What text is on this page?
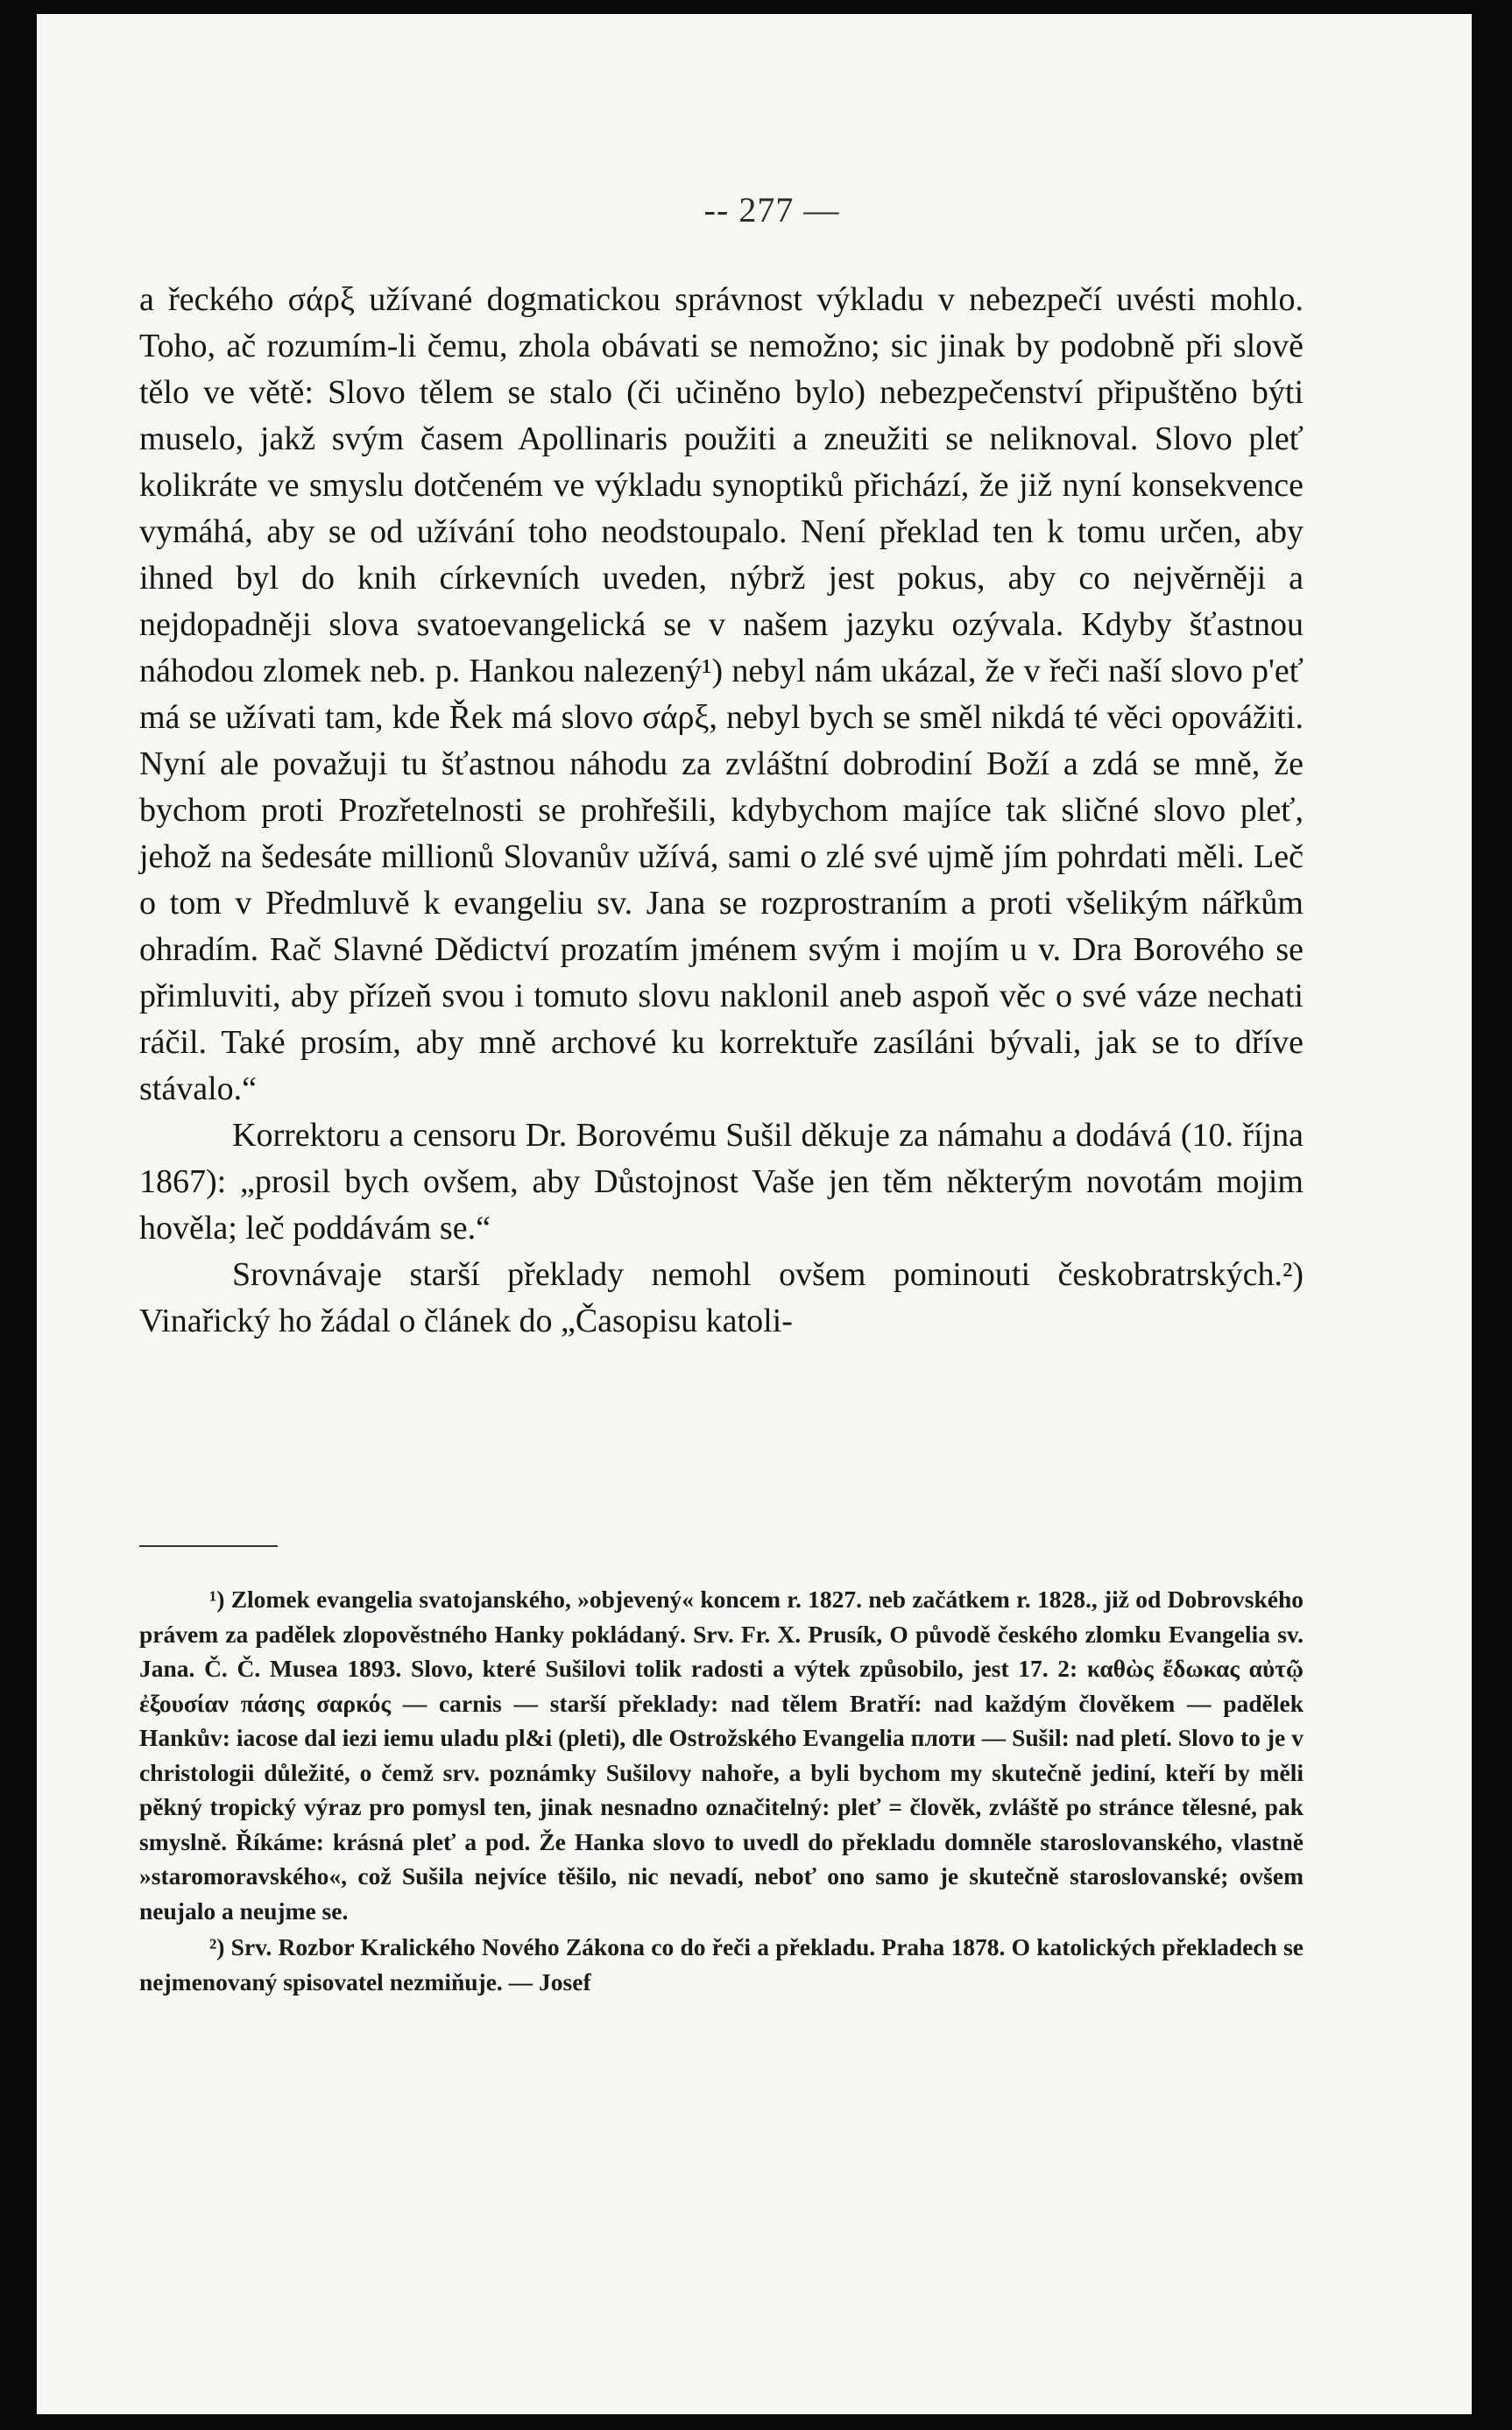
-- 277 —

a řeckého σάρξ užívané dogmatickou správnost výkladu v nebezpečí uvésti mohlo. Toho, ač rozumím-li čemu, zhola obávati se nemožno; sic jinak by podobně při slově tělo ve větě: Slovo tělem se stalo (či učiněno bylo) nebezpečenství připuštěno býti muselo, jakž svým časem Apollinaris použiti a zneužiti se neliknoval. Slovo pleť kolikráte ve smyslu dotčeném ve výkladu synoptiků přichází, že již nyní konsekvence vymáhá, aby se od užívání toho neodstoupalo. Není překlad ten k tomu určen, aby ihned byl do knih církevních uveden, nýbrž jest pokus, aby co nejvěrněji a nejdopadněji slova svatoevangelická se v našem jazyku ozývala. Kdyby šťastnou náhodou zlomek neb. p. Hankou nalezený¹) nebyl nám ukázal, že v řeči naší slovo p'eť má se užívati tam, kde Řek má slovo σάρξ, nebyl bych se směl nikdá té věci opovážiti. Nyní ale považuji tu šťastnou náhodu za zvláštní dobrodiní Boží a zdá se mně, že bychom proti Prozřetelnosti se prohřešili, kdybychom majíce tak sličné slovo pleť, jehož na šedesáte millionů Slovanův užívá, sami o zlé své ujmě jím pohrdati měli. Leč o tom v Předmluvě k evangeliu sv. Jana se rozprostraním a proti všelikým nářkům ohradím. Rač Slavné Dědictví prozatím jménem svým i mojím u v. Dra Borového se přimluviti, aby přízeň svou i tomuto slovu naklonil aneb aspoň věc o své váze nechati ráčil. Také prosím, aby mně archové ku korrektuře zasíláni bývali, jak se to dříve stávalo.“

Korrektoru a censoru Dr. Borovému Sušil děkuje za námahu a dodává (10. října 1867): „prosil bych ovšem, aby Důstojnost Vaše jen těm některým novotám mojim hověla; leč poddávám se.“

Srovnávaje starší překlady nemohl ovšem pominouti českobratrských.²) Vinařický ho žádal o článek do „Časopisu katoli-

¹) Zlomek evangelia svatojanského, »objevený« koncem r. 1827. neb začátkem r. 1828., již od Dobrovského právem za padělek zlopověstného Hanky pokládaný. Srv. Fr. X. Prusík, O původě českého zlomku Evangelia sv. Jana. Č. Č. Musea 1893. Slovo, které Sušilovi tolik radosti a výtek způsobilo, jest 17. 2: καθὼς ἔδωκας αὐτῷ ἐξουσίαν πάσης σαρκός — carnis — starší překlady: nad tělem Bratří: nad každým člověkem — padělek Hankův: iacose dal iezi iemu uladu pl&i (pleti), dle Ostrožského Evangelia плоти — Sušil: nad pletí. Slovo to je v christologii důležité, o čemž srv. poznámky Sušilovy nahoře, a byli bychom my skutečně jediní, kteří by měli pěkný tropický výraz pro pomysl ten, jinak nesnadno označitelný: pleť = člověk, zvláště po stránce tělesné, pak smyslně. Říkáme: krásná pleť a pod. Že Hanka slovo to uvedl do překladu domněle staroslovanského, vlastně »staromoravského«, což Sušila nejvíce těšilo, nic nevadí, neboť ono samo je skutečně staroslovanské; ovšem neujalo a neujme se.

²) Srv. Rozbor Kralického Nového Zákona co do řeči a překladu. Praha 1878. O katolických překladech se nejmenovaný spisovatel nezmiňuje. — Josef
